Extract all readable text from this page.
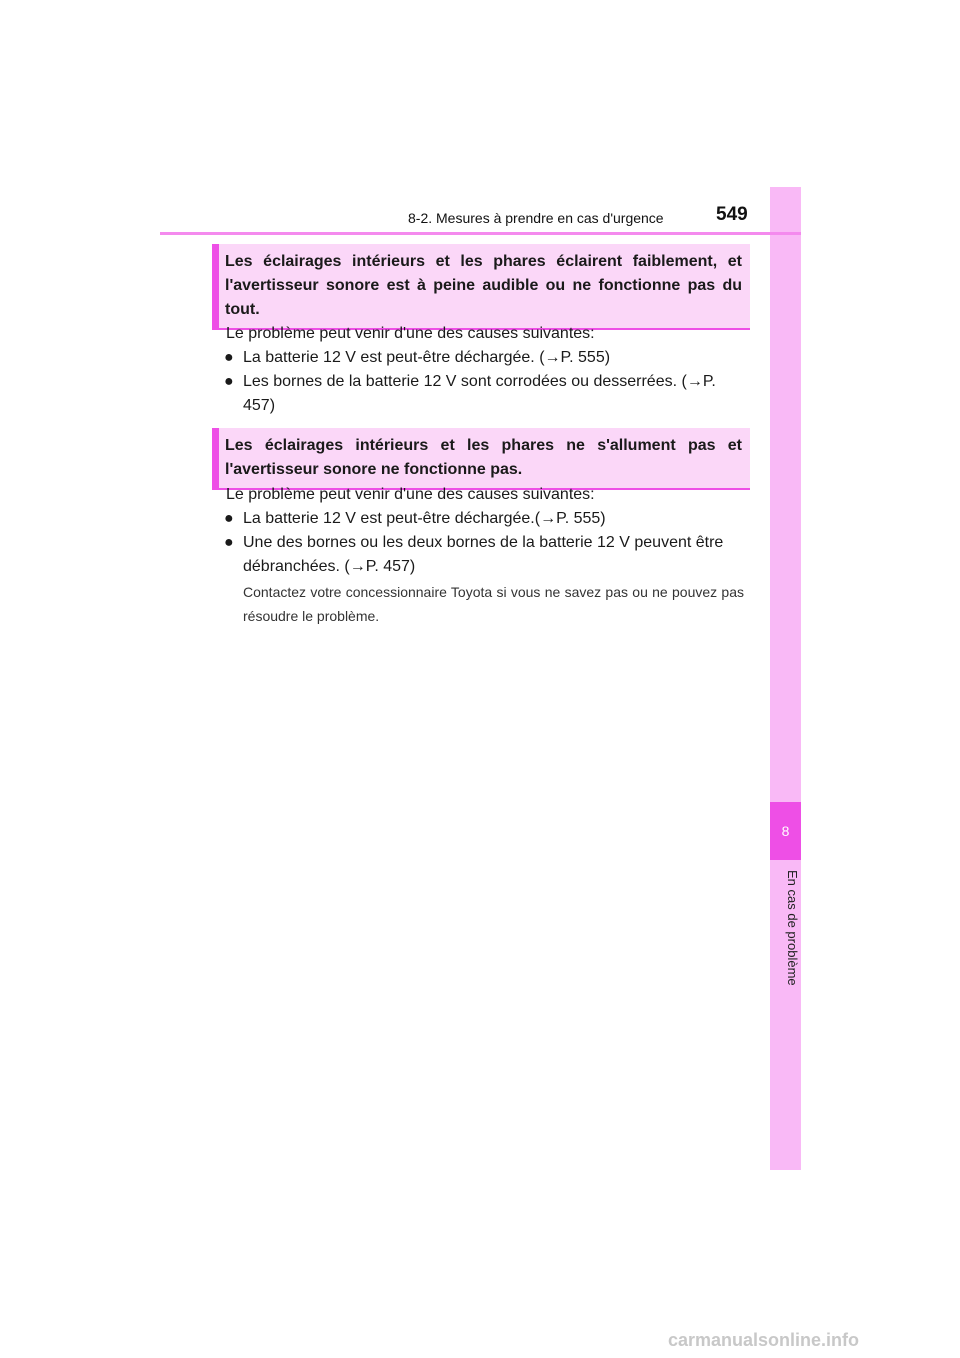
8
En cas de problème
8-2. Mesures à prendre en cas d'urgence	549
Les éclairages intérieurs et les phares éclairent faiblement, et l'avertisseur sonore est à peine audible ou ne fonctionne pas du tout.
Le problème peut venir d'une des causes suivantes:
● La batterie 12 V est peut-être déchargée. (→P. 555)
● Les bornes de la batterie 12 V sont corrodées ou desserrées. (→P. 457)
Les éclairages intérieurs et les phares ne s'allument pas et l'avertisseur sonore ne fonctionne pas.
Le problème peut venir d'une des causes suivantes:
● La batterie 12 V est peut-être déchargée.(→P. 555)
● Une des bornes ou les deux bornes de la batterie 12 V peuvent être débranchées. (→P. 457)
Contactez votre concessionnaire Toyota si vous ne savez pas ou ne pouvez pas résoudre le problème.
carmanualsonline.info
